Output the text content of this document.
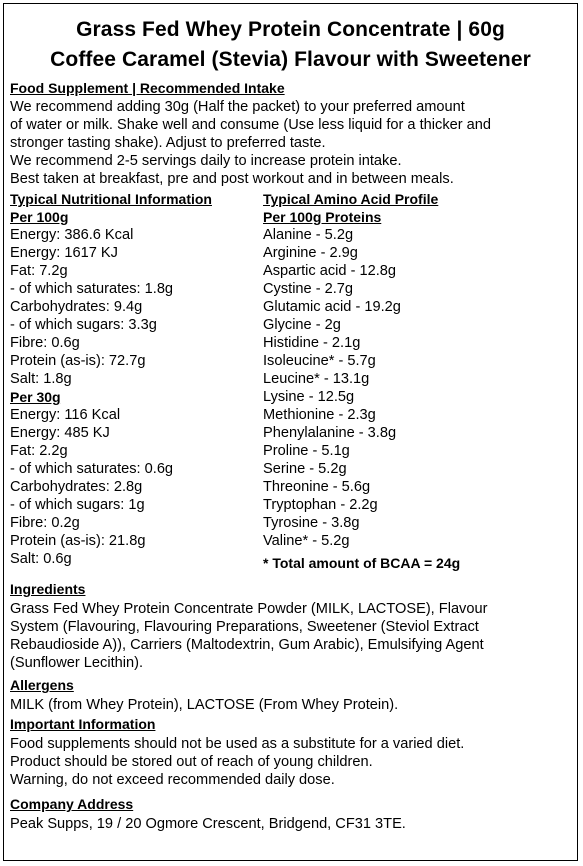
Grass Fed Whey Protein Concentrate | 60g
Coffee Caramel (Stevia) Flavour with Sweetener
Food Supplement | Recommended Intake
We recommend adding 30g (Half the packet) to your preferred amount
of water or milk. Shake well and consume (Use less liquid for a thicker and
stronger tasting shake). Adjust to preferred taste.
We recommend 2-5 servings daily to increase protein intake.
Best taken at breakfast, pre and post workout and in between meals.
Typical Nutritional Information
Per 100g
Energy: 386.6 Kcal
Energy: 1617 KJ
Fat: 7.2g
- of which saturates: 1.8g
Carbohydrates: 9.4g
- of which sugars: 3.3g
Fibre: 0.6g
Protein (as-is): 72.7g
Salt: 1.8g
Per 30g
Energy: 116 Kcal
Energy: 485 KJ
Fat: 2.2g
- of which saturates: 0.6g
Carbohydrates: 2.8g
- of which sugars: 1g
Fibre: 0.2g
Protein (as-is): 21.8g
Salt: 0.6g
Typical Amino Acid Profile
Per 100g Proteins
Alanine - 5.2g
Arginine - 2.9g
Aspartic acid - 12.8g
Cystine - 2.7g
Glutamic acid - 19.2g
Glycine - 2g
Histidine - 2.1g
Isoleucine* - 5.7g
Leucine* - 13.1g
Lysine - 12.5g
Methionine - 2.3g
Phenylalanine - 3.8g
Proline - 5.1g
Serine - 5.2g
Threonine - 5.6g
Tryptophan - 2.2g
Tyrosine - 3.8g
Valine* - 5.2g
* Total amount of BCAA = 24g
Ingredients
Grass Fed Whey Protein Concentrate Powder (MILK, LACTOSE), Flavour
System (Flavouring, Flavouring Preparations, Sweetener (Steviol Extract
Rebaudioside A)), Carriers (Maltodextrin, Gum Arabic), Emulsifying Agent
(Sunflower Lecithin).
Allergens
MILK (from Whey Protein), LACTOSE (From Whey Protein).
Important Information
Food supplements should not be used as a substitute for a varied diet.
Product should be stored out of reach of young children.
Warning, do not exceed recommended daily dose.
Company Address
Peak Supps, 19 / 20 Ogmore Crescent, Bridgend, CF31 3TE.
